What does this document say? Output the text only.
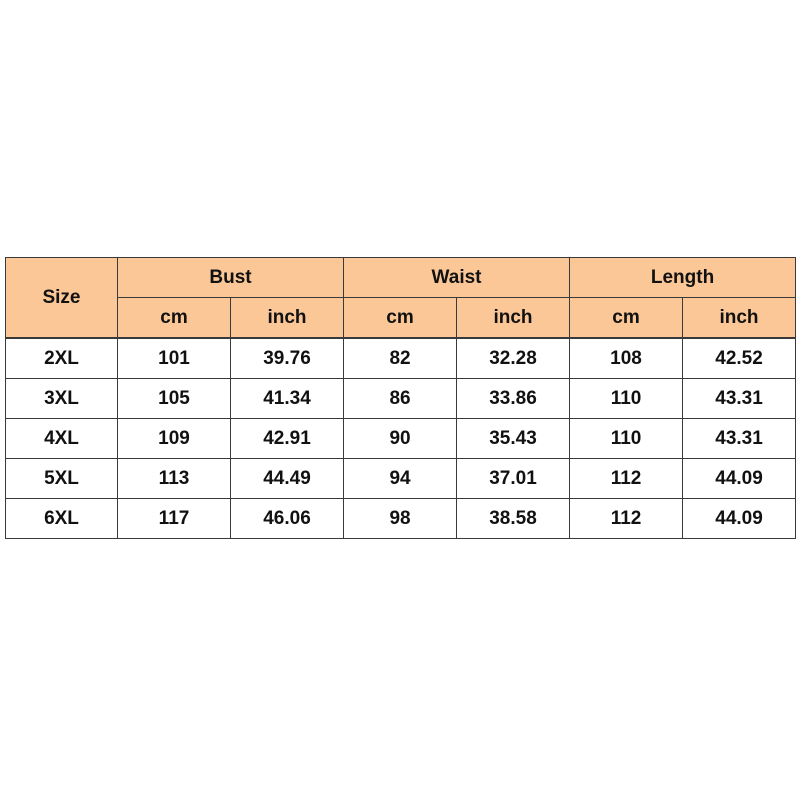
Size	Bust		Waist		Length	
	cm	inch	cm	inch	cm	inch

2XL	101	39.76	82	32.28	108	42.52
3XL	105	41.34	86	33.86	110	43.31
4XL	109	42.91	90	35.43	110	43.31
5XL	113	44.49	94	37.01	112	44.09
6XL	117	46.06	98	38.58	112	44.09
